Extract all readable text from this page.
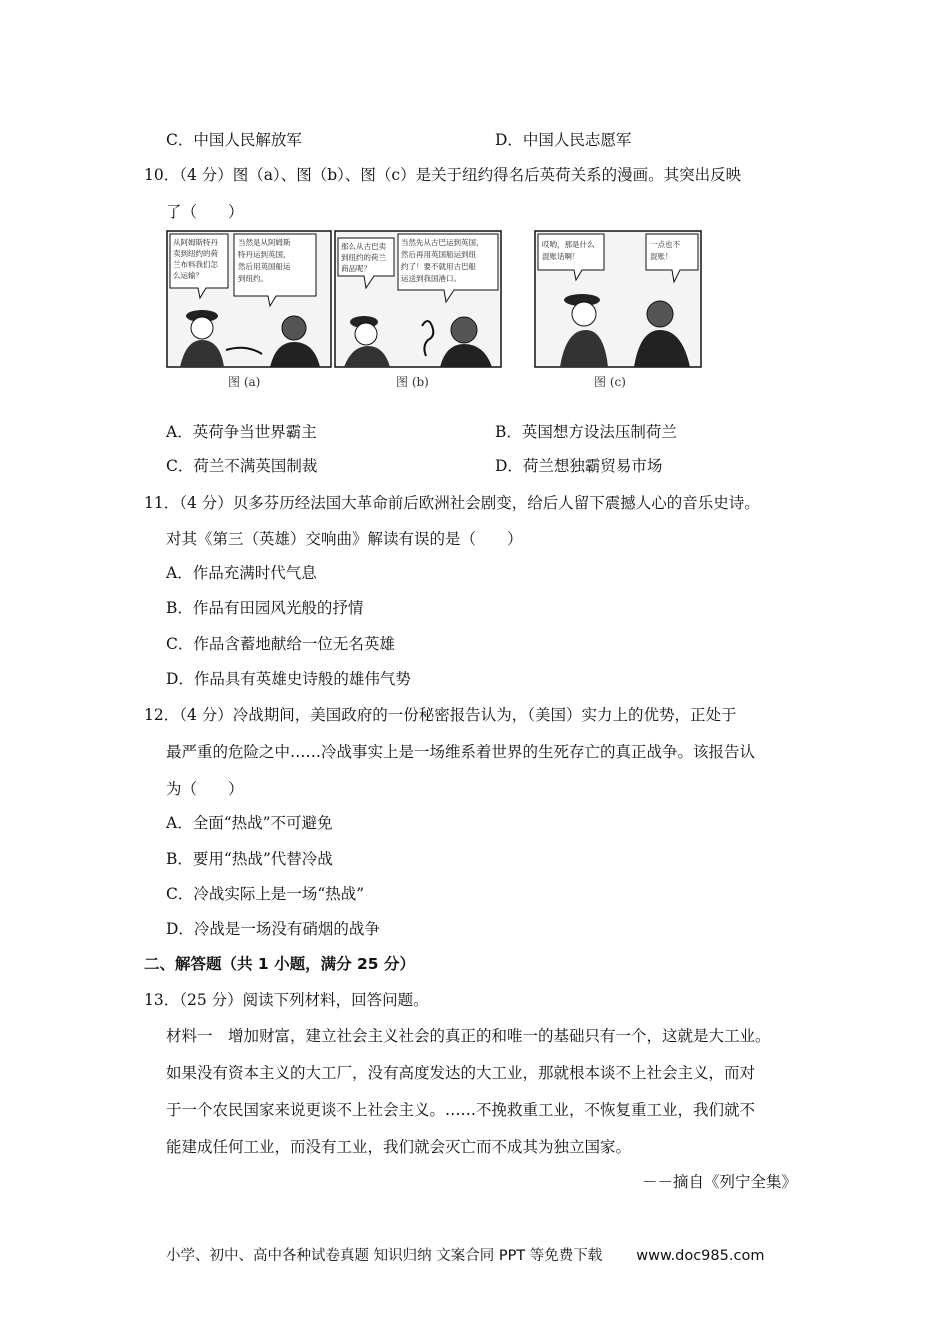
C．中国人民解放军	D．中国人民志愿军
10．（4 分）图（a）、图（b）、图（c）是关于纽约得名后英荷关系的漫画。其突出反映
了（　　）
从阿姆斯特丹 卖到纽约的荷 兰布料我们怎 么运输？
当然是从阿姆斯 特丹运到英国， 然后用英国船运 到纽约。
图 (a)
那么从古巴卖 到纽约的荷兰 商品呢？
当然先从古巴运到英国， 然后再用英国船运到纽 约了！要不就用古巴船 运送到我国港口。
图 (b)
哎哟，那是什么 混账话啊！
一点也不 混账！
图 (c)
A．英荷争当世界霸主	B．英国想方设法压制荷兰
C．荷兰不满英国制裁	D．荷兰想独霸贸易市场
11．（4 分）贝多芬历经法国大革命前后欧洲社会剧变，给后人留下震撼人心的音乐史诗。
对其《第三（英雄）交响曲》解读有误的是（　　）
A．作品充满时代气息
B．作品有田园风光般的抒情
C．作品含蓄地献给一位无名英雄
D．作品具有英雄史诗般的雄伟气势
12．（4 分）冷战期间，美国政府的一份秘密报告认为，（美国）实力上的优势，正处于
最严重的危险之中……冷战事实上是一场维系着世界的生死存亡的真正战争。该报告认
为（　　）
A．全面“热战”不可避免
B．要用“热战”代替冷战
C．冷战实际上是一场“热战”
D．冷战是一场没有硝烟的战争
二、解答题（共 1 小题，满分 25 分）
13．（25 分）阅读下列材料，回答问题。
材料一　增加财富，建立社会主义社会的真正的和唯一的基础只有一个，这就是大工业。
如果没有资本主义的大工厂，没有高度发达的大工业，那就根本谈不上社会主义，而对
于一个农民国家来说更谈不上社会主义。……不挽救重工业，不恢复重工业，我们就不
能建成任何工业，而没有工业，我们就会灭亡而不成其为独立国家。
－－摘自《列宁全集》
小学、初中、高中各种试卷真题 知识归纳 文案合同 PPT 等免费下载 www.doc985.com
